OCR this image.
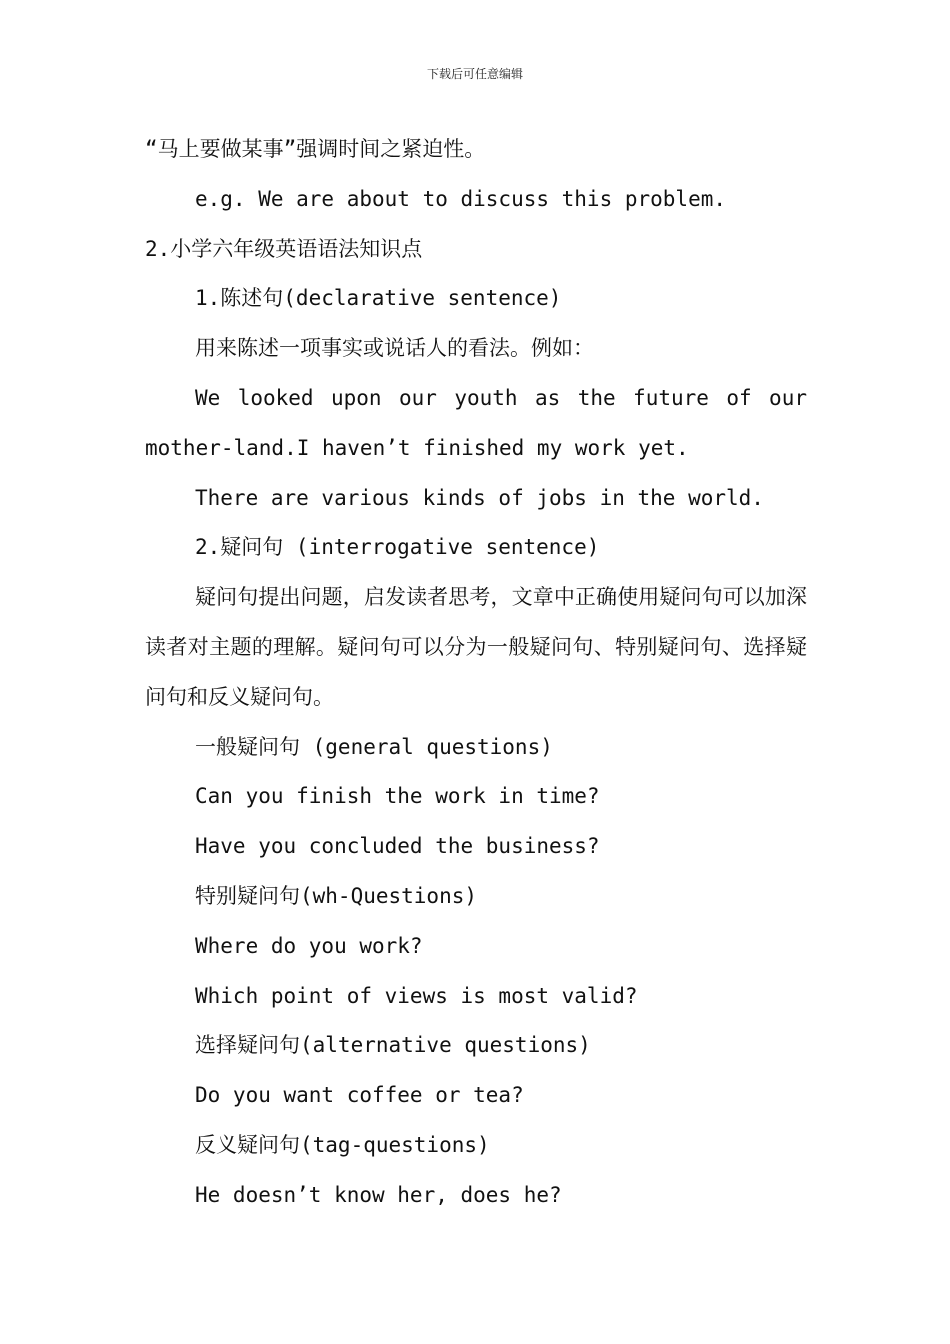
下载后可任意编辑

“马上要做某事”强调时间之紧迫性。

e.g. We are about to discuss this problem.

2.小学六年级英语语法知识点

1.陈述句(declarative sentence)

用来陈述一项事实或说话人的看法。例如：

We looked upon our youth as the future of our mother-land.I haven’t finished my work yet.

There are various kinds of jobs in the world.

2.疑问句 (interrogative sentence)

疑问句提出问题，启发读者思考，文章中正确使用疑问句可以加深读者对主题的理解。疑问句可以分为一般疑问句、特别疑问句、选择疑问句和反义疑问句。

一般疑问句 (general questions)

Can you finish the work in time?

Have you concluded the business?

特别疑问句(wh-Questions)

Where do you work?

Which point of views is most valid?

选择疑问句(alternative questions)

Do you want coffee or tea?

反义疑问句(tag-questions)

He doesn’t know her, does he?
